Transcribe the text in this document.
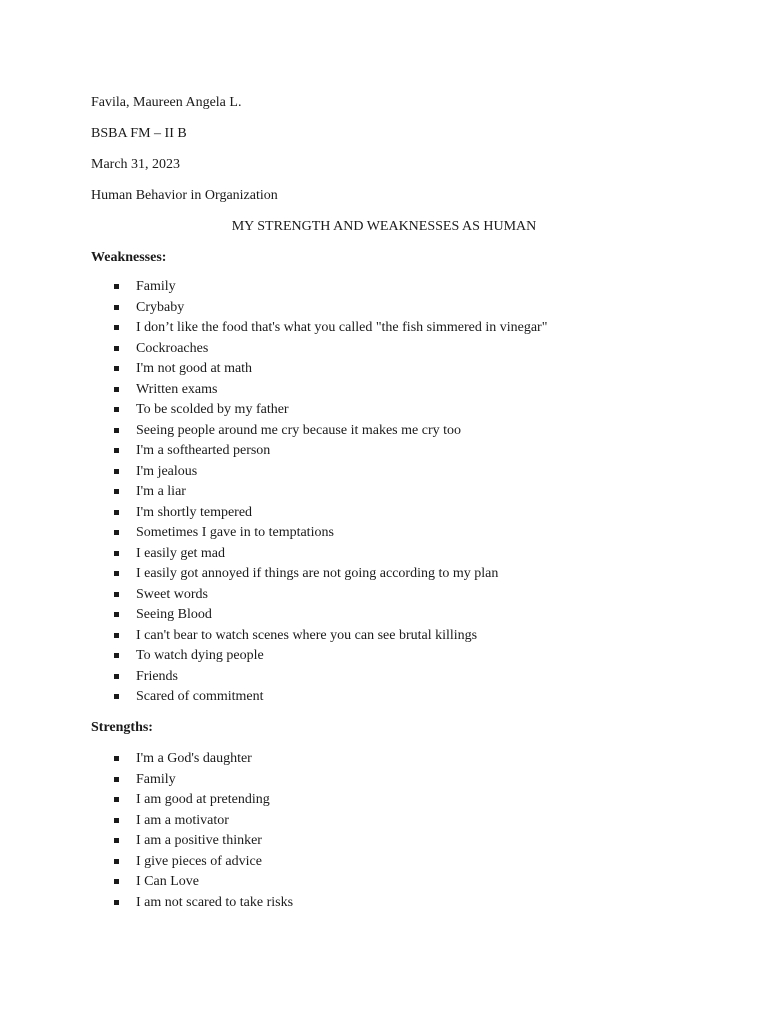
Favila, Maureen Angela L.

BSBA FM – II B

March 31, 2023

Human Behavior in Organization

MY STRENGTH AND WEAKNESSES AS HUMAN

Weaknesses:

Family
Crybaby
I don’t like the food that's what you called "the fish simmered in vinegar"
Cockroaches
I'm not good at math
Written exams
To be scolded by my father
Seeing people around me cry because it makes me cry too
I'm a softhearted person
I'm jealous
I'm a liar
I'm shortly tempered
Sometimes I gave in to temptations
I easily get mad
I easily got annoyed if things are not going according to my plan
Sweet words
Seeing Blood
I can't bear to watch scenes where you can see brutal killings
To watch dying people
Friends
Scared of commitment

Strengths:

I'm a God's daughter
Family
I am good at pretending
I am a motivator
I am a positive thinker
I give pieces of advice
I Can Love
I am not scared to take risks
